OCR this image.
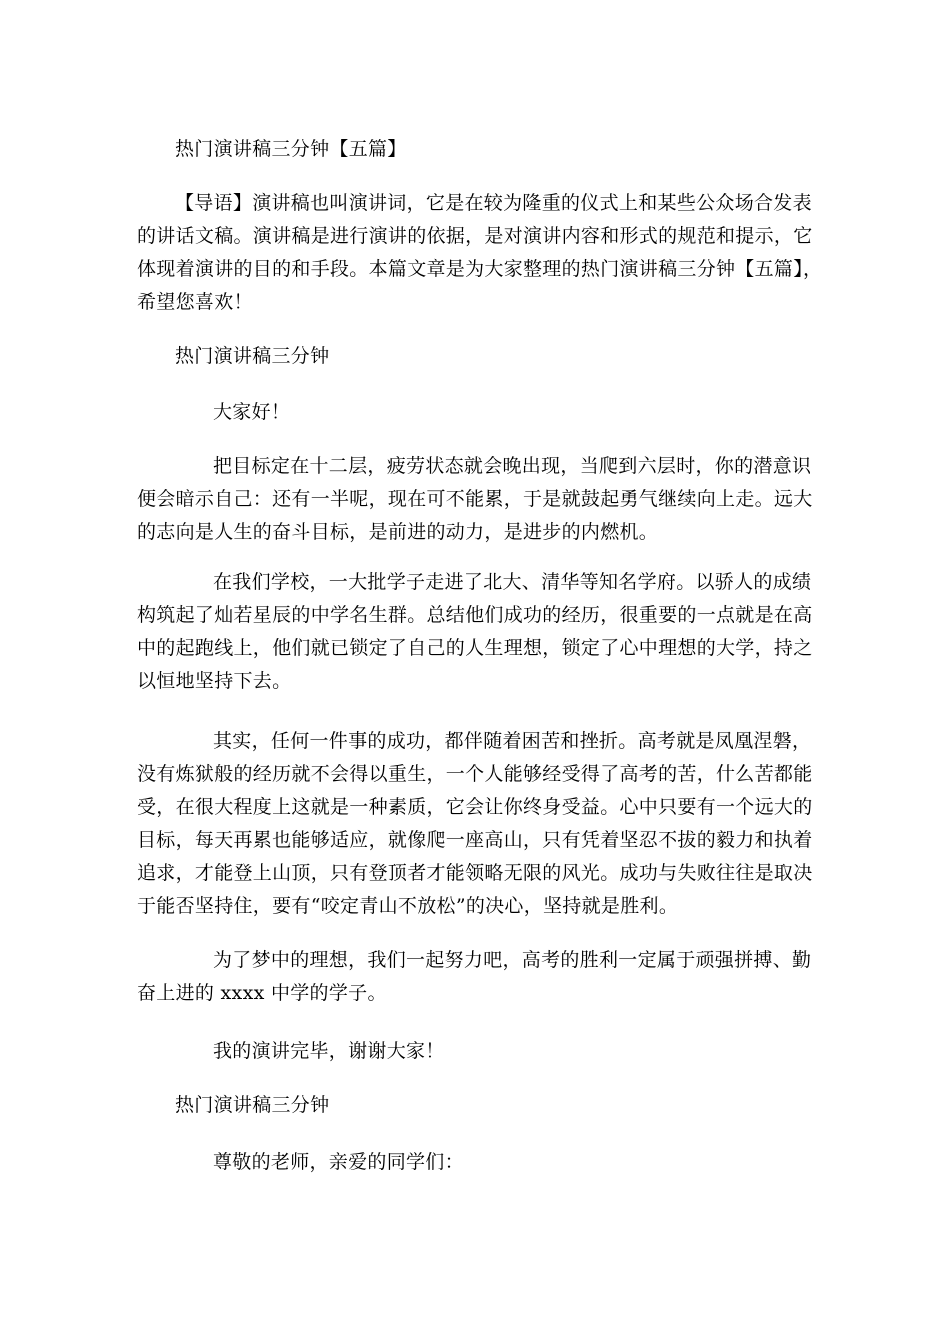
热门演讲稿三分钟【五篇】
【导语】演讲稿也叫演讲词，它是在较为隆重的仪式上和某些公众场合发表
的讲话文稿。演讲稿是进行演讲的依据，是对演讲内容和形式的规范和提示，它
体现着演讲的目的和手段。本篇文章是为大家整理的热门演讲稿三分钟【五篇】，
希望您喜欢！
热门演讲稿三分钟
大家好！
把目标定在十二层，疲劳状态就会晚出现，当爬到六层时，你的潜意识
便会暗示自己：还有一半呢，现在可不能累，于是就鼓起勇气继续向上走。远大
的志向是人生的奋斗目标，是前进的动力，是进步的内燃机。
在我们学校，一大批学子走进了北大、清华等知名学府。以骄人的成绩
构筑起了灿若星辰的中学名生群。总结他们成功的经历，很重要的一点就是在高
中的起跑线上，他们就已锁定了自己的人生理想，锁定了心中理想的大学，持之
以恒地坚持下去。
其实，任何一件事的成功，都伴随着困苦和挫折。高考就是凤凰涅磐，
没有炼狱般的经历就不会得以重生，一个人能够经受得了高考的苦，什么苦都能
受，在很大程度上这就是一种素质，它会让你终身受益。心中只要有一个远大的
目标，每天再累也能够适应，就像爬一座高山，只有凭着坚忍不拔的毅力和执着
追求，才能登上山顶，只有登顶者才能领略无限的风光。成功与失败往往是取决
于能否坚持住，要有“咬定青山不放松”的决心，坚持就是胜利。
为了梦中的理想，我们一起努力吧，高考的胜利一定属于顽强拼搏、勤
奋上进的 xxxx 中学的学子。
我的演讲完毕，谢谢大家！
热门演讲稿三分钟
尊敬的老师，亲爱的同学们：
